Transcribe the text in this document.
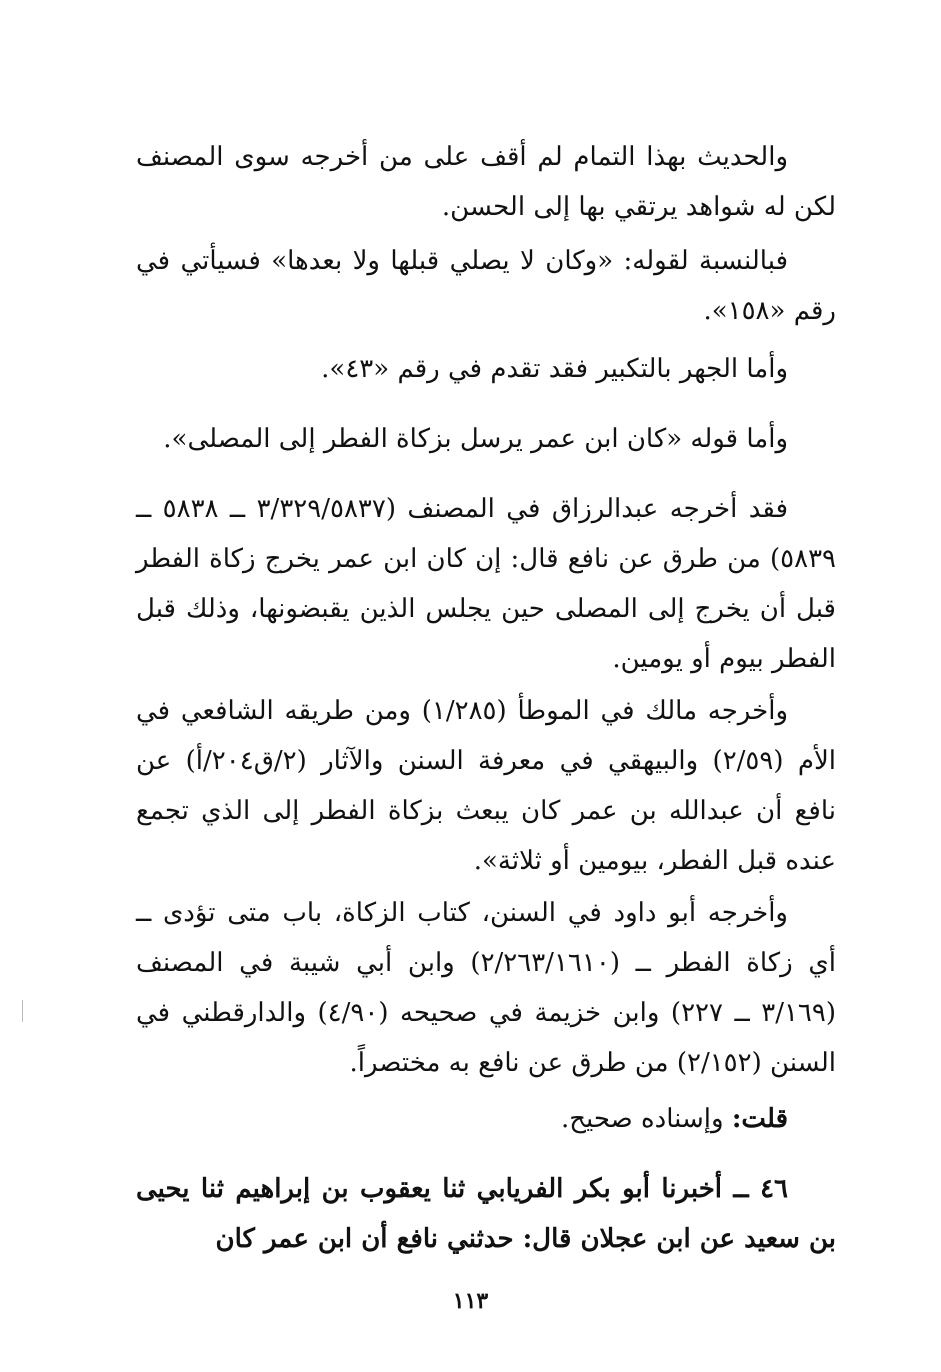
والحديث بهذا التمام لم أقف على من أخرجه سوى المصنف لكن له شواهد يرتقي بها إلى الحسن.

فبالنسبة لقوله: «وكان لا يصلي قبلها ولا بعدها» فسيأتي في رقم «١٥٨».

وأما الجهر بالتكبير فقد تقدم في رقم «٤٣».

وأما قوله «كان ابن عمر يرسل بزكاة الفطر إلى المصلى».

فقد أخرجه عبدالرزاق في المصنف (٣/٣٢٩/٥٨٣٧ ــ ٥٨٣٨ ــ ٥٨٣٩) من طرق عن نافع قال: إن كان ابن عمر يخرج زكاة الفطر قبل أن يخرج إلى المصلى حين يجلس الذين يقبضونها، وذلك قبل الفطر بيوم أو يومين.

وأخرجه مالك في الموطأ (١/٢٨٥) ومن طريقه الشافعي في الأم (٢/٥٩) والبيهقي في معرفة السنن والآثار (٢/ق٢٠٤/أ) عن نافع أن عبدالله بن عمر كان يبعث بزكاة الفطر إلى الذي تجمع عنده قبل الفطر، بيومين أو ثلاثة».

وأخرجه أبو داود في السنن، كتاب الزكاة، باب متى تؤدى ــ أي زكاة الفطر ــ (٢/٢٦٣/١٦١٠) وابن أبي شيبة في المصنف (٣/١٦٩ ــ ٢٢٧) وابن خزيمة في صحيحه (٤/٩٠) والدارقطني في السنن (٢/١٥٢) من طرق عن نافع به مختصراً.

قلت: وإسناده صحيح.

٤٦ ــ أخبرنا أبو بكر الفريابي ثنا يعقوب بن إبراهيم ثنا يحيى بن سعيد عن ابن عجلان قال: حدثني نافع أن ابن عمر كان

١١٣
